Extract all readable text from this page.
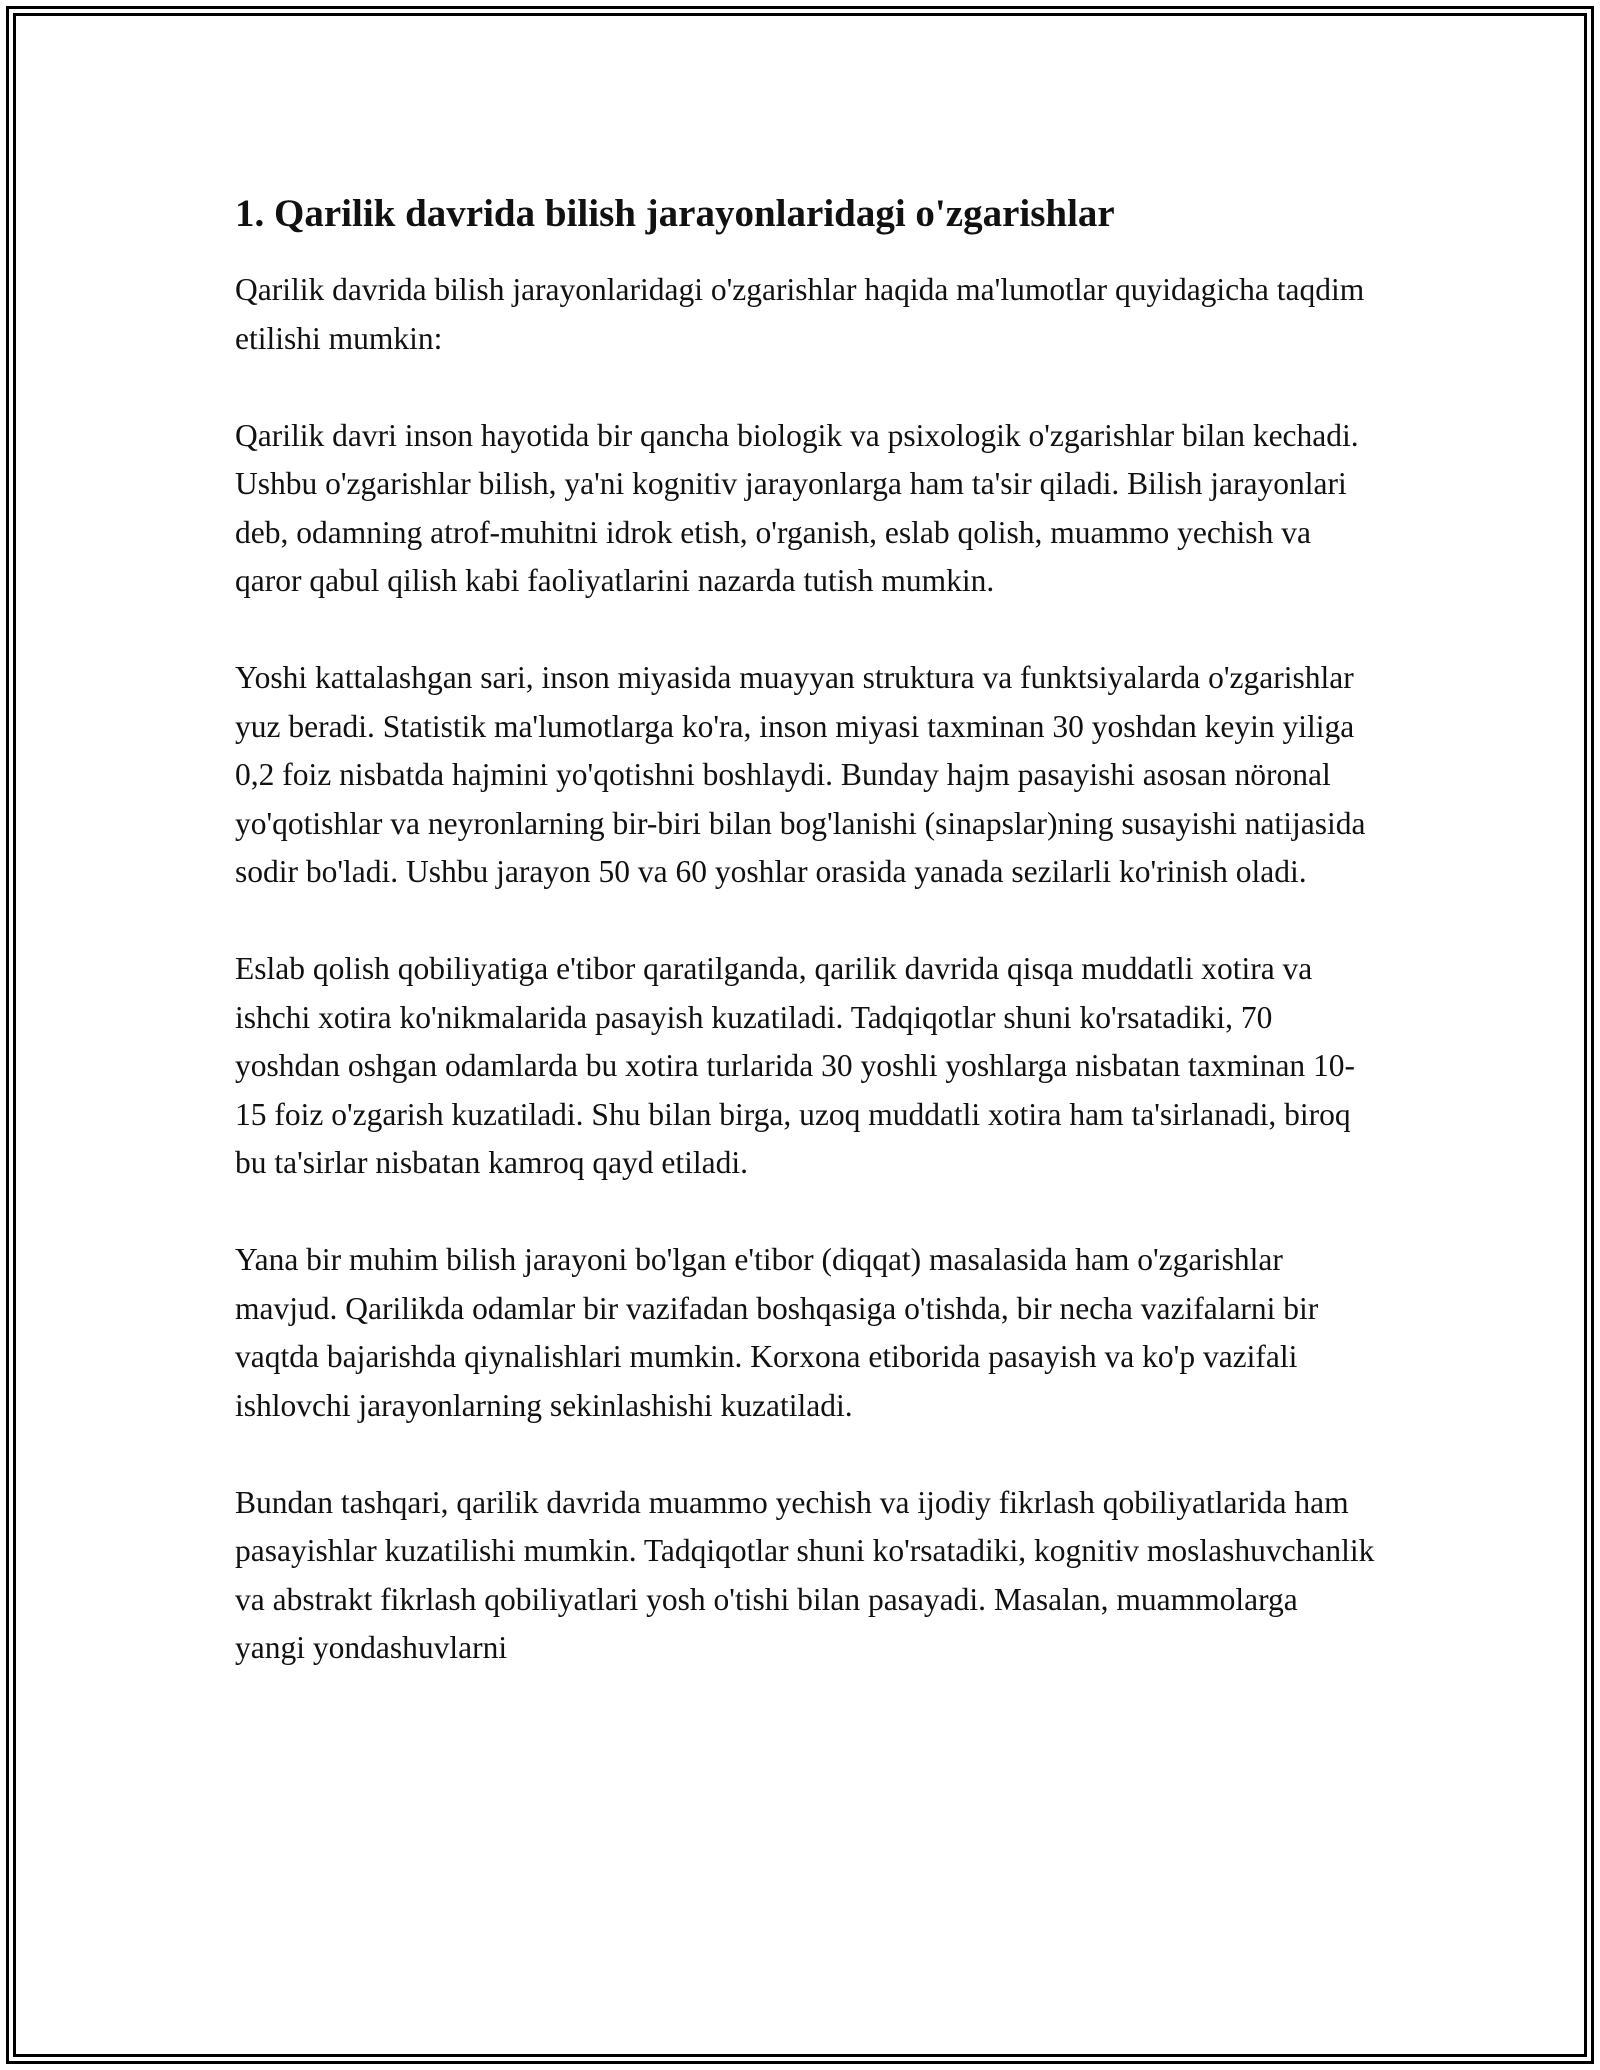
1. Qarilik davrida bilish jarayonlaridagi o'zgarishlar

Qarilik davrida bilish jarayonlaridagi o'zgarishlar haqida ma'lumotlar quyidagicha taqdim etilishi mumkin:

Qarilik davri inson hayotida bir qancha biologik va psixologik o'zgarishlar bilan kechadi. Ushbu o'zgarishlar bilish, ya'ni kognitiv jarayonlarga ham ta'sir qiladi. Bilish jarayonlari deb, odamning atrof-muhitni idrok etish, o'rganish, eslab qolish, muammo yechish va qaror qabul qilish kabi faoliyatlarini nazarda tutish mumkin.

Yoshi kattalashgan sari, inson miyasida muayyan struktura va funktsiyalarda o'zgarishlar yuz beradi. Statistik ma'lumotlarga ko'ra, inson miyasi taxminan 30 yoshdan keyin yiliga 0,2 foiz nisbatda hajmini yo'qotishni boshlaydi. Bunday hajm pasayishi asosan nöronal yo'qotishlar va neyronlarning bir-biri bilan bog'lanishi (sinapslar)ning susayishi natijasida sodir bo'ladi. Ushbu jarayon 50 va 60 yoshlar orasida yanada sezilarli ko'rinish oladi.

Eslab qolish qobiliyatiga e'tibor qaratilganda, qarilik davrida qisqa muddatli xotira va ishchi xotira ko'nikmalarida pasayish kuzatiladi. Tadqiqotlar shuni ko'rsatadiki, 70 yoshdan oshgan odamlarda bu xotira turlarida 30 yoshli yoshlarga nisbatan taxminan 10-15 foiz o'zgarish kuzatiladi. Shu bilan birga, uzoq muddatli xotira ham ta'sirlanadi, biroq bu ta'sirlar nisbatan kamroq qayd etiladi.

Yana bir muhim bilish jarayoni bo'lgan e'tibor (diqqat) masalasida ham o'zgarishlar mavjud. Qarilikda odamlar bir vazifadan boshqasiga o'tishda, bir necha vazifalarni bir vaqtda bajarishda qiynalishlari mumkin. Korxona etiborida pasayish va ko'p vazifali ishlovchi jarayonlarning sekinlashishi kuzatiladi.

Bundan tashqari, qarilik davrida muammo yechish va ijodiy fikrlash qobiliyatlarida ham pasayishlar kuzatilishi mumkin. Tadqiqotlar shuni ko'rsatadiki, kognitiv moslashuvchanlik va abstrakt fikrlash qobiliyatlari yosh o'tishi bilan pasayadi. Masalan, muammolarga yangi yondashuvlarni
